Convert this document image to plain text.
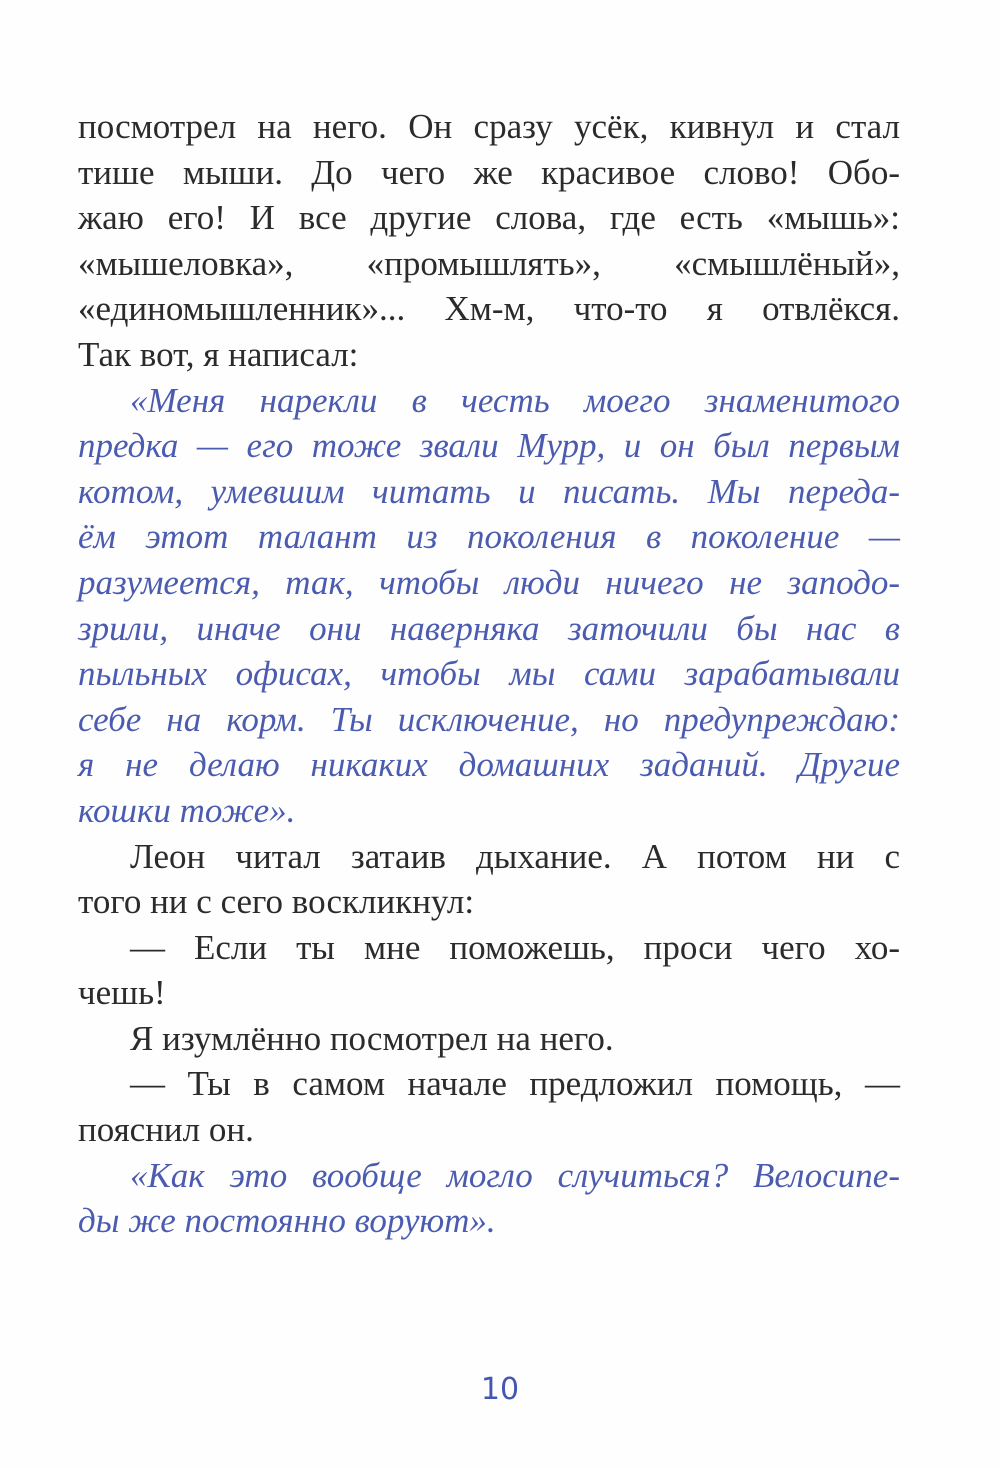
посмотрел на него. Он сразу усёк, кивнул и стал
тише мыши. До чего же красивое слово! Обо-
жаю его! И все другие слова, где есть «мышь»:
«мышеловка», «промышлять», «смышлёный»,
«единомышленник»... Хм-м, что-то я отвлёкся.
Так вот, я написал:
«Меня нарекли в честь моего знаменитого
предка — его тоже звали Мурр, и он был первым
котом, умевшим читать и писать. Мы переда-
ём этот талант из поколения в поколение —
разумеется, так, чтобы люди ничего не заподо-
зрили, иначе они наверняка заточили бы нас в
пыльных офисах, чтобы мы сами зарабатывали
себе на корм. Ты исключение, но предупреждаю:
я не делаю никаких домашних заданий. Другие
кошки тоже».
Леон читал затаив дыхание. А потом ни с
того ни с сего воскликнул:
— Если ты мне поможешь, проси чего хо-
чешь!
Я изумлённо посмотрел на него.
— Ты в самом начале предложил помощь, —
пояснил он.
«Как это вообще могло случиться? Велосипе-
ды же постоянно воруют».
10
